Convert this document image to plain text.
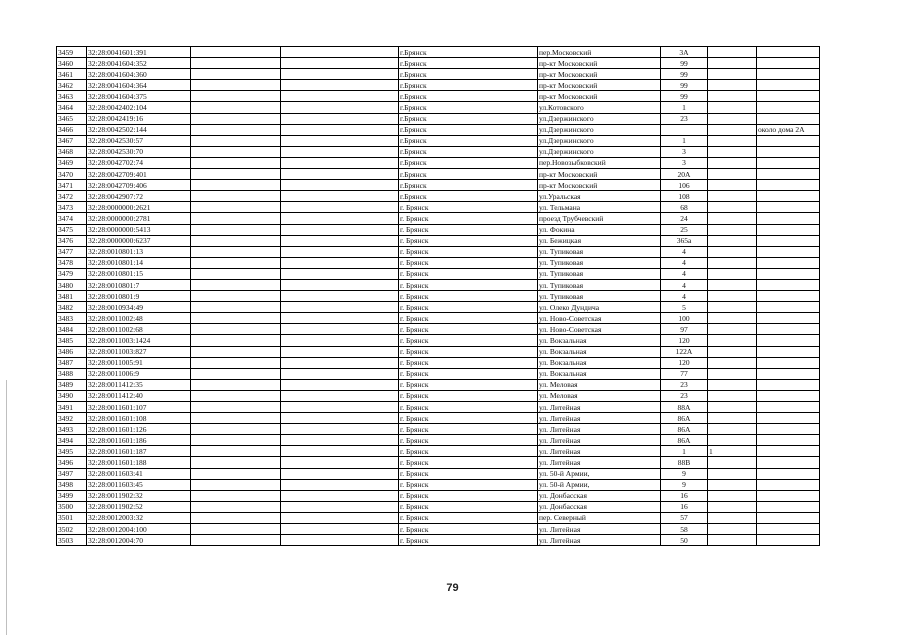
3459	32:28:0041601:391			г.Брянск	пер.Московский	3А		
3460	32:28:0041604:352			г.Брянск	пр-кт Московский	99		
3461	32:28:0041604:360			г.Брянск	пр-кт Московский	99		
3462	32:28:0041604:364			г.Брянск	пр-кт Московский	99		
3463	32:28:0041604:375			г.Брянск	пр-кт Московский	99		
3464	32:28:0042402:104			г.Брянск	ул.Котовского	1		
3465	32:28:0042419:16			г.Брянск	ул.Дзержинского	23		
3466	32:28:0042502:144			г.Брянск	ул.Дзержинского			около дома 2А
3467	32:28:0042530:57			г.Брянск	ул.Дзержинского	1		
3468	32:28:0042530:70			г.Брянск	ул.Дзержинского	3		
3469	32:28:0042702:74			г.Брянск	пер.Новозыбковский	3		
3470	32:28:0042709:401			г.Брянск	пр-кт Московский	20А		
3471	32:28:0042709:406			г.Брянск	пр-кт Московский	106		
3472	32:28:0042907:72			г.Брянск	ул.Уральская	108		
3473	32:28:0000000:2621			г. Брянск	ул. Тельмана	68		
3474	32:28:0000000:2781			г. Брянск	проезд Трубчевский	24		
3475	32:28:0000000:5413			г. Брянск	ул. Фокина	25		
3476	32:28:0000000:6237			г. Брянск	ул. Бежицкая	365а		
3477	32:28:0010801:13			г. Брянск	ул. Тупиковая	4		
3478	32:28:0010801:14			г. Брянск	ул. Тупиковая	4		
3479	32:28:0010801:15			г. Брянск	ул. Тупиковая	4		
3480	32:28:0010801:7			г. Брянск	ул. Тупиковая	4		
3481	32:28:0010801:9			г. Брянск	ул. Тупиковая	4		
3482	32:28:0010934:49			г. Брянск	ул. Олеко Дундича	5		
3483	32:28:0011002:48			г. Брянск	ул. Ново-Советская	100		
3484	32:28:0011002:68			г. Брянск	ул. Ново-Советская	97		
3485	32:28:0011003:1424			г. Брянск	ул. Вокзальная	120		
3486	32:28:0011003:827			г. Брянск	ул. Вокзальная	122А		
3487	32:28:0011005:91			г. Брянск	ул. Вокзальная	120		
3488	32:28:0011006:9			г. Брянск	ул. Вокзальная	77		
3489	32:28:0011412:35			г. Брянск	ул. Меловая	23		
3490	32:28:0011412:40			г. Брянск	ул. Меловая	23		
3491	32:28:0011601:107			г. Брянск	ул. Литейная	88А		
3492	32:28:0011601:108			г. Брянск	ул. Литейная	86А		
3493	32:28:0011601:126			г. Брянск	ул. Литейная	86А		
3494	32:28:0011601:186			г. Брянск	ул. Литейная	86А		
3495	32:28:0011601:187			г. Брянск	ул. Литейная	1	1	
3496	32:28:0011601:188			г. Брянск	ул. Литейная	88В		
3497	32:28:0011603:41			г. Брянск	ул. 50-й Армии,	9		
3498	32:28:0011603:45			г. Брянск	ул. 50-й Армии,	9		
3499	32:28:0011902:32			г. Брянск	ул. Донбасская	16		
3500	32:28:0011902:52			г. Брянск	ул. Донбасская	16		
3501	32:28:0012003:32			г. Брянск	пер. Северный	57		
3502	32:28:0012004:100			г. Брянск	ул. Литейная	58		
3503	32:28:0012004:70			г. Брянск	ул. Литейная	50		
79
